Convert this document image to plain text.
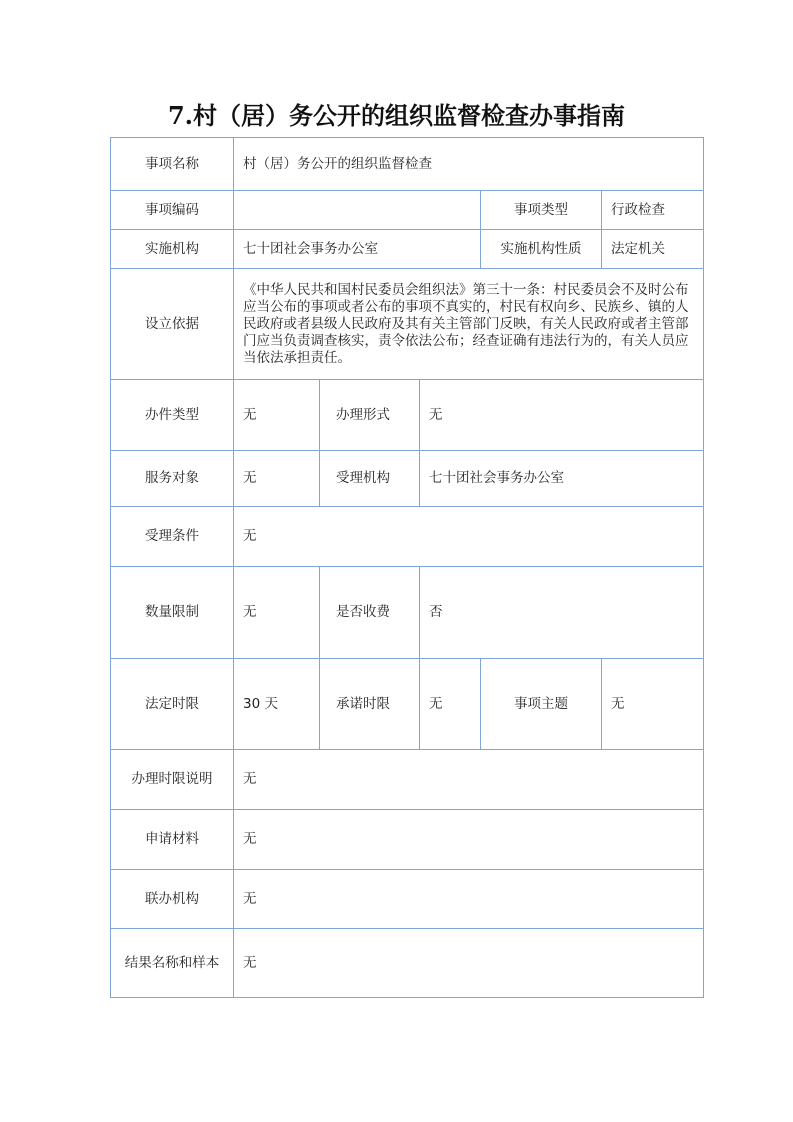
7.村（居）务公开的组织监督检查办事指南
事项名称	村（居）务公开的组织监督检查				
事项编码				事项类型	行政检查
实施机构	七十团社会事务办公室			实施机构性质	法定机关
设立依据	《中华人民共和国村民委员会组织法》第三十一条：村民委员会不及时公布应当公布的事项或者公布的事项不真实的，村民有权向乡、民族乡、镇的人民政府或者县级人民政府及其有关主管部门反映，有关人民政府或者主管部门应当负责调查核实，责令依法公布；经查证确有违法行为的，有关人员应当依法承担责任。				
办件类型	无	办理形式	无		
服务对象	无	受理机构	七十团社会事务办公室		
受理条件	无				
数量限制	无	是否收费	否		
法定时限	30 天	承诺时限	无	事项主题	无
办理时限说明	无				
申请材料	无				
联办机构	无				
结果名称和样本	无				
